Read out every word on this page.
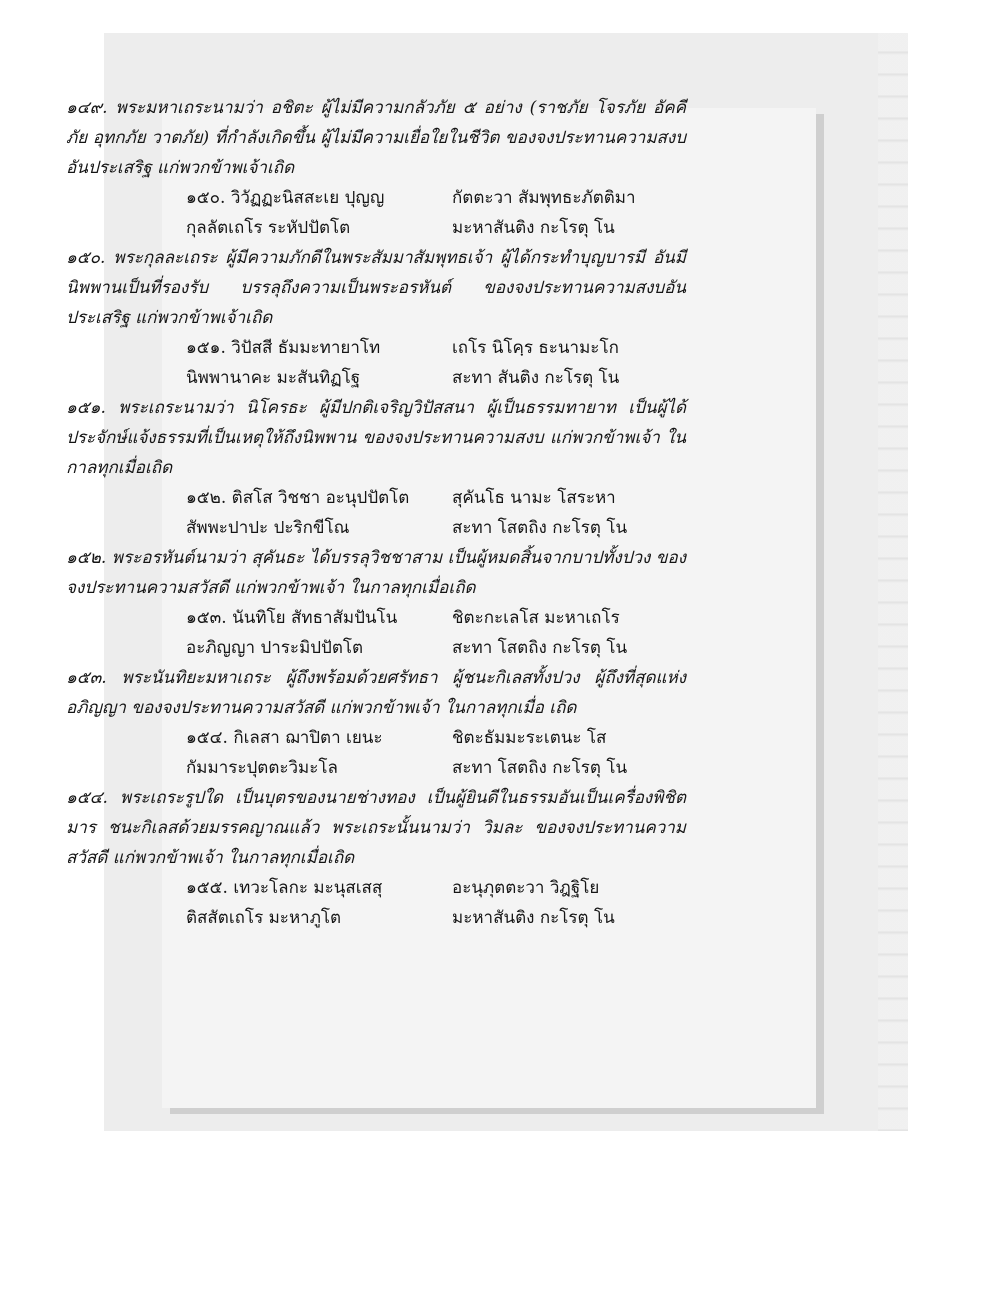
๑๔๙. พระมหาเถระนามว่า อชิตะ ผู้ไม่มีความกลัวภัย ๕ อย่าง (ราชภัย โจรภัย อัคคีภัย อุทกภัย วาตภัย) ที่กำลังเกิดขึ้น ผู้ไม่มีความเยื่อใยในชีวิต ของจงประทานความสงบอันประเสริฐ แก่พวกข้าพเจ้าเถิด

๑๕๐. วิวัฏฏะนิสสะเย ปุญญ	กัตตะวา สัมพุทธะภัตติมา
กุลลัตเถโร ระหัปปัตโต	มะหาสันติง กะโรตุ โน

๑๕๐. พระกุลละเถระ ผู้มีความภักดีในพระสัมมาสัมพุทธเจ้า ผู้ได้กระทำบุญบารมี อันมีนิพพานเป็นที่รองรับ บรรลุถึงความเป็นพระอรหันต์ ของจงประทานความสงบอันประเสริฐ แก่พวกข้าพเจ้าเถิด

๑๕๑. วิปัสสี ธัมมะทายาโท	เถโร นิโคฺร ธะนามะโก
นิพพานาคะ มะสันทิฏโฐ	สะทา สันติง กะโรตุ โน

๑๕๑. พระเถระนามว่า นิโครธะ ผู้มีปกติเจริญวิปัสสนา ผู้เป็นธรรมทายาท เป็นผู้ได้ประจักษ์แจ้งธรรมที่เป็นเหตุให้ถึงนิพพาน ของจงประทานความสงบ แก่พวกข้าพเจ้า ในกาลทุกเมื่อเถิด

๑๕๒. ติสโส วิชชา อะนุปปัตโต	สุคันโธ นามะ โสระหา
สัพพะปาปะ ปะริกขีโณ	สะทา โสตถิง กะโรตุ โน

๑๕๒. พระอรหันต์นามว่า สุคันธะ ได้บรรลุวิชชาสาม เป็นผู้หมดสิ้นจากบาปทั้งปวง ของจงประทานความสวัสดี แก่พวกข้าพเจ้า ในกาลทุกเมื่อเถิด

๑๕๓. นันทิโย สัทธาสัมปันโน	ชิตะกะเลโส มะหาเถโร
อะภิญญา ปาระมิปปัตโต	สะทา โสตถิง กะโรตุ โน

๑๕๓. พระนันทิยะมหาเถระ ผู้ถึงพร้อมด้วยศรัทธา ผู้ชนะกิเลสทั้งปวง ผู้ถึงที่สุดแห่งอภิญญา ของจงประทานความสวัสดี แก่พวกข้าพเจ้า ในกาลทุกเมื่อ เถิด

๑๕๔. กิเลสา ฌาปิตา เยนะ	ชิตะธัมมะระเตนะ โส
กัมมาระปุตตะวิมะโล	สะทา โสตถิง กะโรตุ โน

๑๕๔. พระเถระรูปใด เป็นบุตรของนายช่างทอง เป็นผู้ยินดีในธรรมอันเป็นเครื่องพิชิตมาร ชนะกิเลสด้วยมรรคญาณแล้ว พระเถระนั้นนามว่า วิมละ ของจงประทานความสวัสดี แก่พวกข้าพเจ้า ในกาลทุกเมื่อเถิด

๑๕๕. เทวะโลกะ มะนุสเสสุ	อะนุภุตตะวา วิฎฐิโย
ติสสัตเถโร มะหาภูโต	มะหาสันติง กะโรตุ โน
